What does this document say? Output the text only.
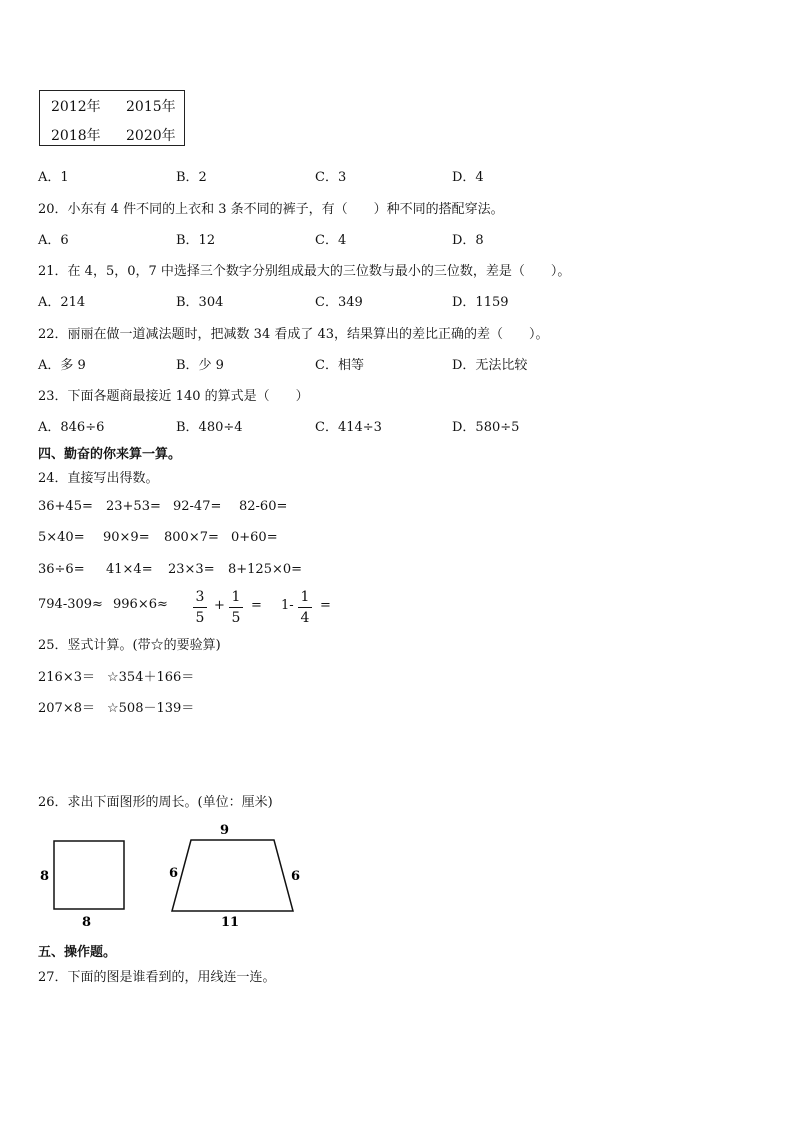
2012年 2015年
2018年 2020年
A．1	B．2	C．3	D．4
20．小东有 4 件不同的上衣和 3 条不同的裤子，有（　　）种不同的搭配穿法。
A．6	B．12	C．4	D．8
21．在 4，5，0，7 中选择三个数字分别组成最大的三位数与最小的三位数，差是（　　）。
A．214	B．304	C．349	D．1159
22．丽丽在做一道减法题时，把减数 34 看成了 43，结果算出的差比正确的差（　　）。
A．多 9	B．少 9	C．相等	D．无法比较
23．下面各题商最接近 140 的算式是（　　）
A．846÷6	B．480÷4	C．414÷3	D．580÷5
四、勤奋的你来算一算。
24．直接写出得数。
36+45= 23+53= 92-47= 82-60=
5×40= 90×9= 800×7= 0+60=
36÷6= 41×4= 23×3= 8+125×0=
794-309≈ 996×6≈ 3
5
+
1
5
= 1-
1
4
=
25．竖式计算。(带☆的要验算)
216×3＝ ☆354＋166＝
207×8＝ ☆508－139＝
26．求出下面图形的周长。(单位：厘米)
8
8
9
6	6
11
五、操作题。
27．下面的图是谁看到的，用线连一连。
